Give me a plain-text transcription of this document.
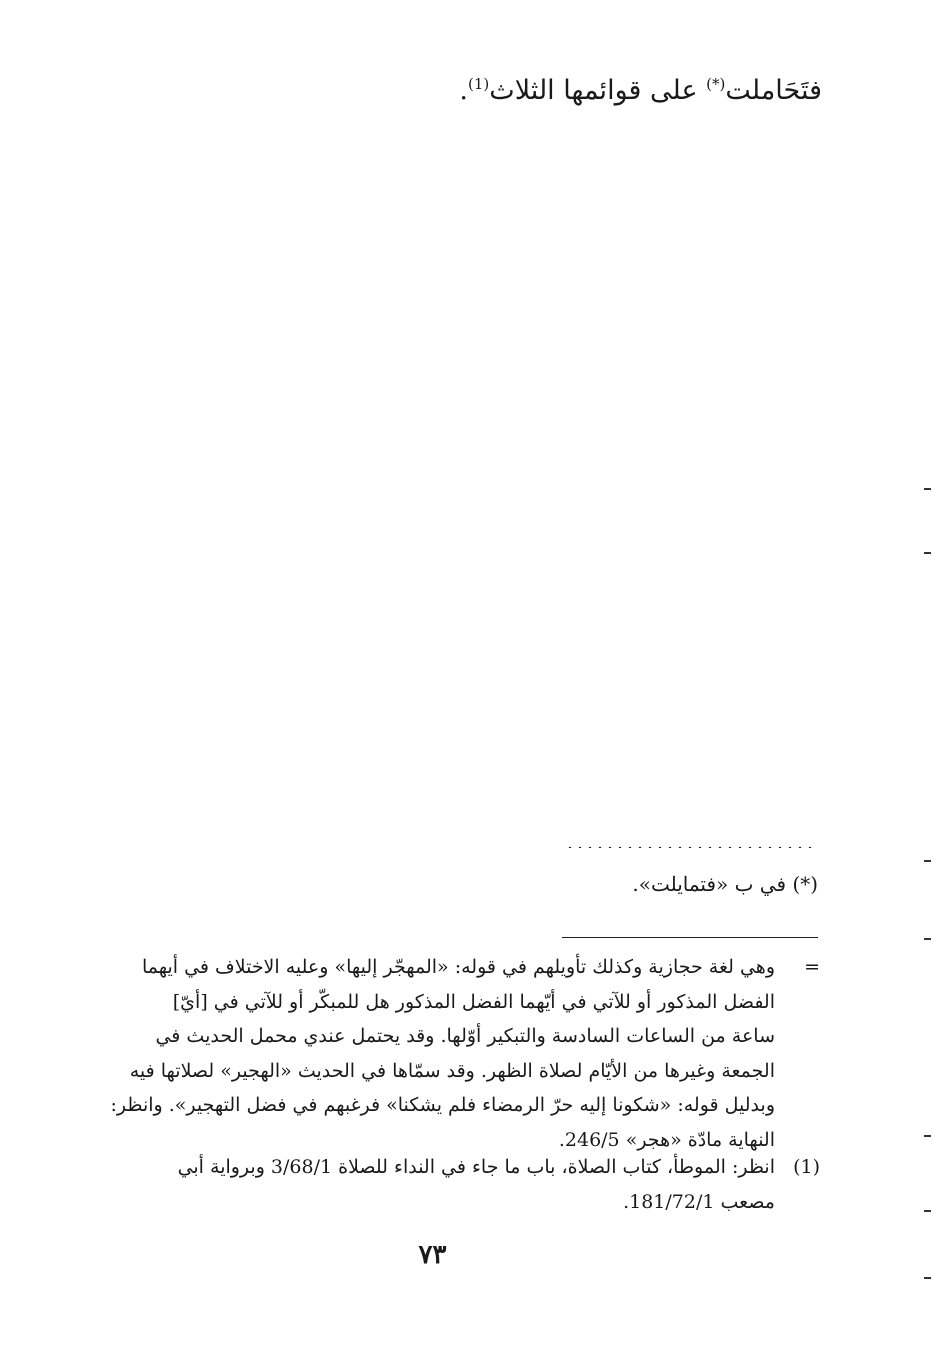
فتَحَاملت(*) على قوائمها الثلاث$^{(1)}$.
(*) في ب «فتمايلت».
=
وهي لغة حجازية وكذلك تأويلهم في قوله: «المهجّر إليها» وعليه الاختلاف في أيهما
الفضل المذكور أو للآتي في أيّهما الفضل المذكور هل للمبكّر أو للآتي في [أيّ]
ساعة من الساعات السادسة والتبكير أوّلها. وقد يحتمل عندي محمل الحديث في
الجمعة وغيرها من الأيّام لصلاة الظهر. وقد سمّاها في الحديث «الهجير» لصلاتها فيه
وبدليل قوله: «شكونا إليه حرّ الرمضاء فلم يشكنا» فرغبهم في فضل التهجير». وانظر:
النهاية مادّة «هجر» 246/5.
(1)
انظر: الموطأ، كتاب الصلاة، باب ما جاء في النداء للصلاة 3/68/1 وبرواية أبي
مصعب 181/72/1.
٧٣
